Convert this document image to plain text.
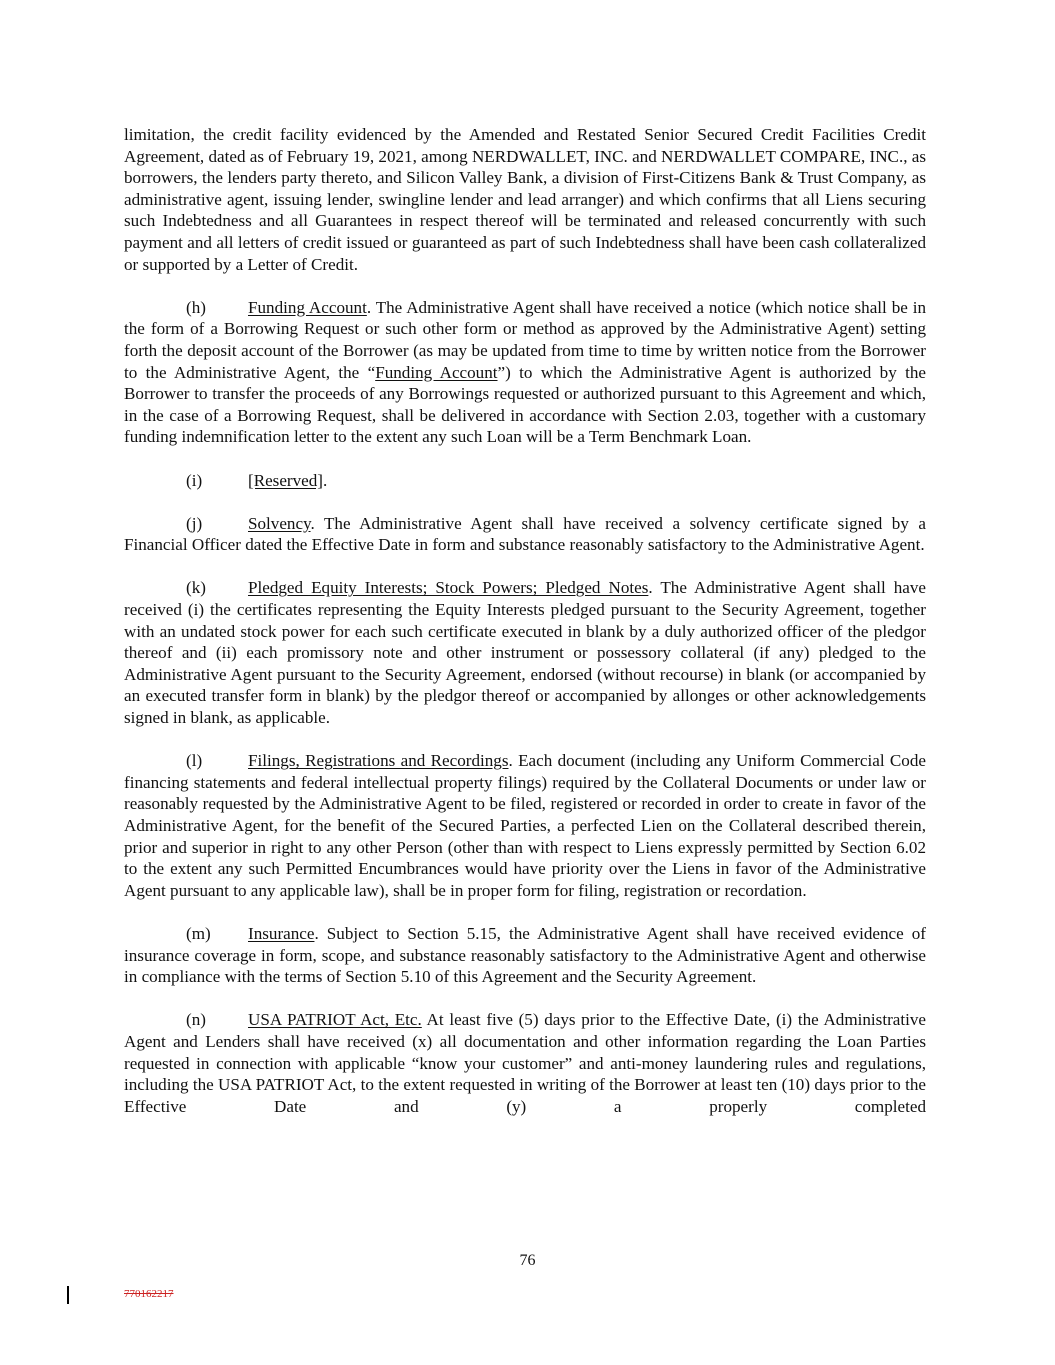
limitation, the credit facility evidenced by the Amended and Restated Senior Secured Credit Facilities Credit Agreement, dated as of February 19, 2021, among NERDWALLET, INC. and NERDWALLET COMPARE, INC., as borrowers, the lenders party thereto, and Silicon Valley Bank, a division of First-Citizens Bank & Trust Company, as administrative agent, issuing lender, swingline lender and lead arranger) and which confirms that all Liens securing such Indebtedness and all Guarantees in respect thereof will be terminated and released concurrently with such payment and all letters of credit issued or guaranteed as part of such Indebtedness shall have been cash collateralized or supported by a Letter of Credit.

(h) Funding Account. The Administrative Agent shall have received a notice (which notice shall be in the form of a Borrowing Request or such other form or method as approved by the Administrative Agent) setting forth the deposit account of the Borrower (as may be updated from time to time by written notice from the Borrower to the Administrative Agent, the “Funding Account”) to which the Administrative Agent is authorized by the Borrower to transfer the proceeds of any Borrowings requested or authorized pursuant to this Agreement and which, in the case of a Borrowing Request, shall be delivered in accordance with Section 2.03, together with a customary funding indemnification letter to the extent any such Loan will be a Term Benchmark Loan.

(i)	[Reserved].

(j)	Solvency. The Administrative Agent shall have received a solvency certificate signed by a Financial Officer dated the Effective Date in form and substance reasonably satisfactory to the Administrative Agent.

(k) Pledged Equity Interests; Stock Powers; Pledged Notes. The Administrative Agent shall have received (i) the certificates representing the Equity Interests pledged pursuant to the Security Agreement, together with an undated stock power for each such certificate executed in blank by a duly authorized officer of the pledgor thereof and (ii) each promissory note and other instrument or possessory collateral (if any) pledged to the Administrative Agent pursuant to the Security Agreement, endorsed (without recourse) in blank (or accompanied by an executed transfer form in blank) by the pledgor thereof or accompanied by allonges or other acknowledgements signed in blank, as applicable.

(l)	Filings, Registrations and Recordings. Each document (including any Uniform Commercial Code financing statements and federal intellectual property filings) required by the Collateral Documents or under law or reasonably requested by the Administrative Agent to be filed, registered or recorded in order to create in favor of the Administrative Agent, for the benefit of the Secured Parties, a perfected Lien on the Collateral described therein, prior and superior in right to any other Person (other than with respect to Liens expressly permitted by Section 6.02 to the extent any such Permitted Encumbrances would have priority over the Liens in favor of the Administrative Agent pursuant to any applicable law), shall be in proper form for filing, registration or recordation.

(m) Insurance. Subject to Section 5.15, the Administrative Agent shall have received evidence of insurance coverage in form, scope, and substance reasonably satisfactory to the Administrative Agent and otherwise in compliance with the terms of Section 5.10 of this Agreement and the Security Agreement.

(n) USA PATRIOT Act, Etc. At least five (5) days prior to the Effective Date, (i) the Administrative Agent and Lenders shall have received (x) all documentation and other information regarding the Loan Parties requested in connection with applicable “know your customer” and anti-money laundering rules and regulations, including the USA PATRIOT Act, to the extent requested in writing of the Borrower at least ten (10) days prior to the Effective Date and (y) a properly completed

76
770162217
